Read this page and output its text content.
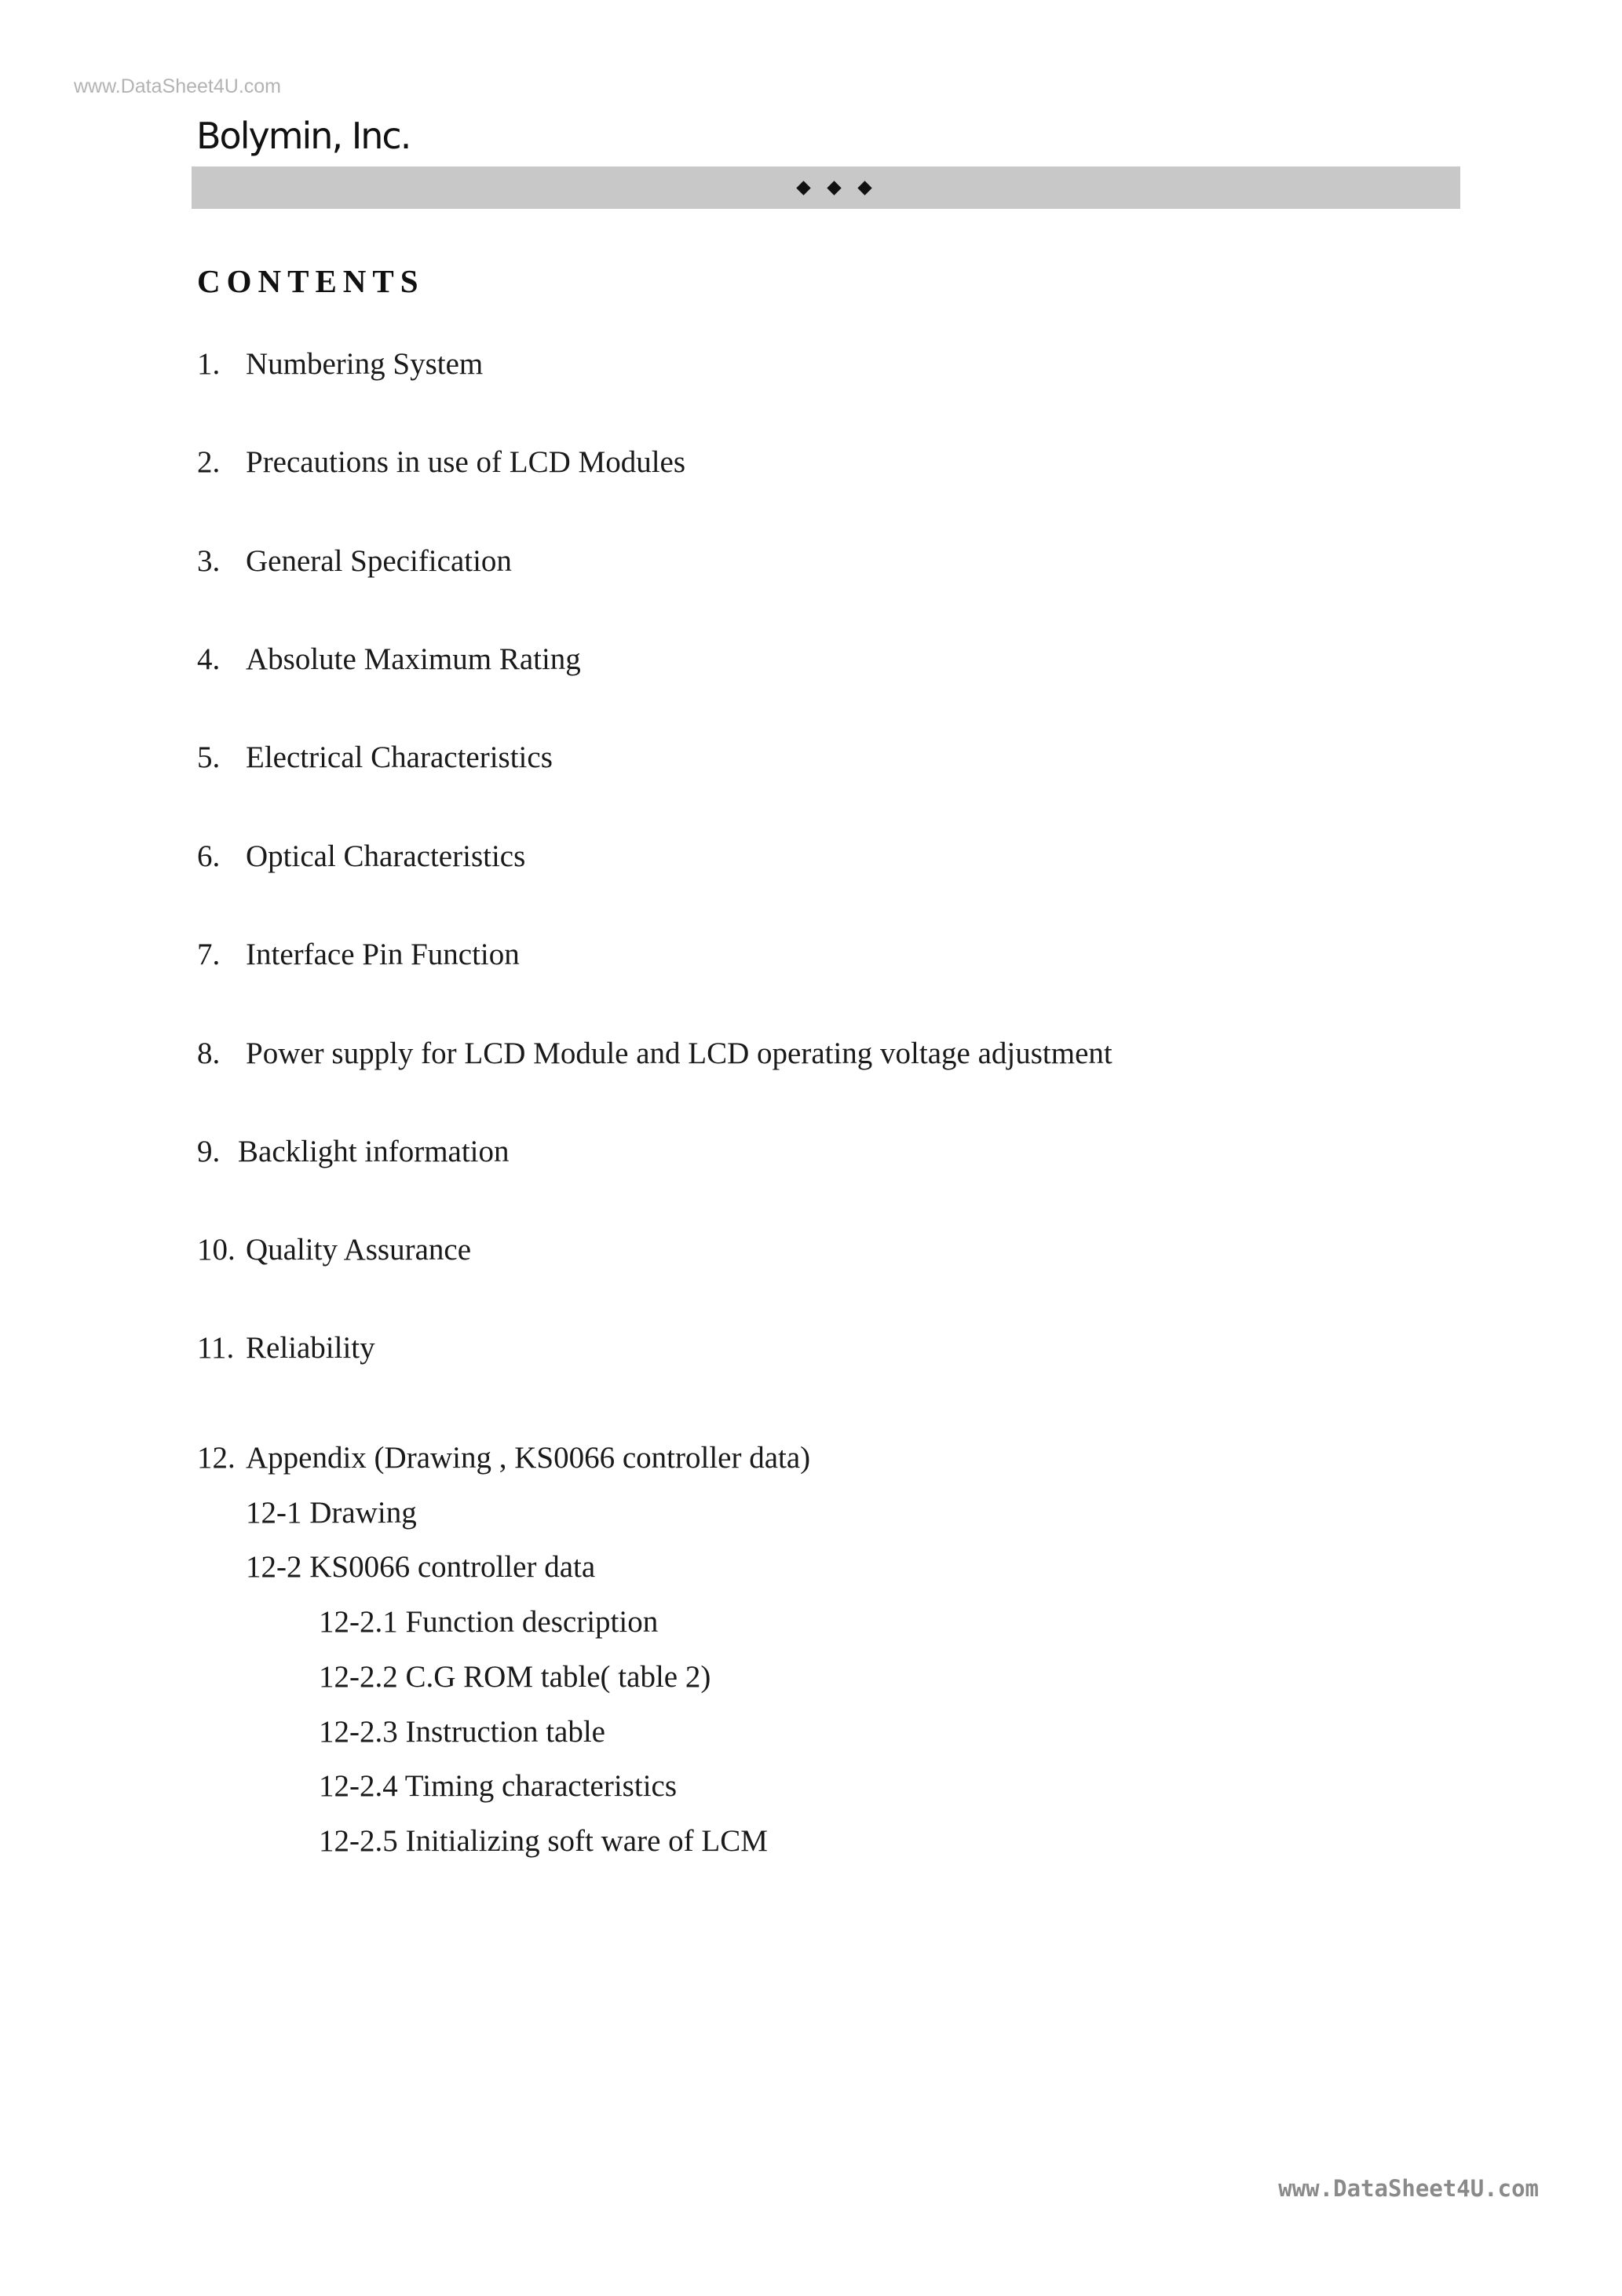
www.DataSheet4U.com
Bolymin, Inc.
CONTENTS
1. Numbering System
2. Precautions in use of LCD Modules
3. General Specification
4. Absolute Maximum Rating
5. Electrical Characteristics
6. Optical Characteristics
7. Interface Pin Function
8. Power supply for LCD Module and LCD operating voltage adjustment
9. Backlight information
10. Quality Assurance
11. Reliability
12. Appendix (Drawing , KS0066 controller data)
12-1 Drawing
12-2 KS0066 controller data
12-2.1 Function description
12-2.2 C.G ROM table( table 2)
12-2.3 Instruction table
12-2.4 Timing characteristics
12-2.5 Initializing soft ware of LCM
www.DataSheet4U.com
